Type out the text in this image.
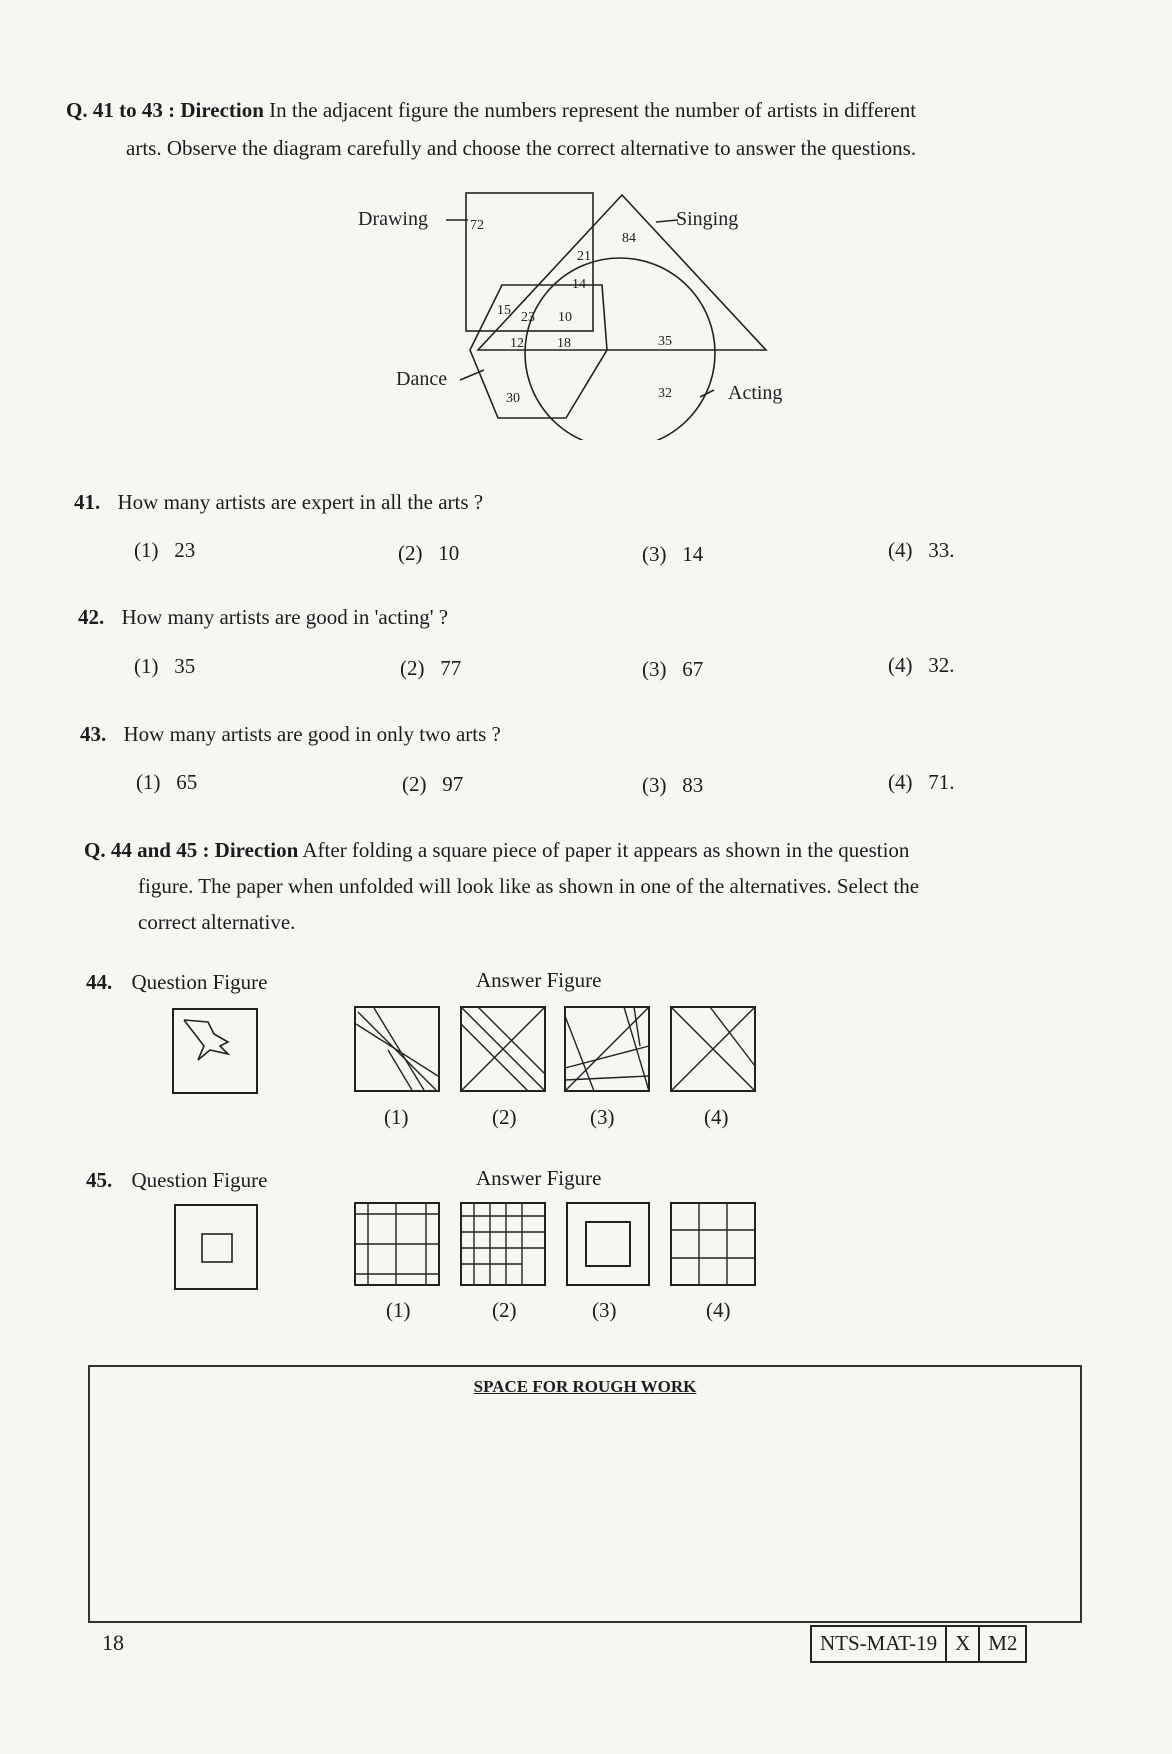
Q. 41 to 43 : Direction In the adjacent figure the numbers represent the number of artists in different
arts. Observe the diagram carefully and choose the correct alternative to answer the questions.
Drawing	Singing
Dance
Acting
72
84
21
14
15 23 10
12 18	35
30	32
41. How many artists are expert in all the arts ?
(1) 23	(2) 10	(3) 14	(4) 33.
42. How many artists are good in 'acting' ?
(1) 35	(2) 77	(3) 67	(4) 32.
43. How many artists are good in only two arts ?
(1) 65	(2) 97	(3) 83	(4) 71.
Q. 44 and 45 : Direction After folding a square piece of paper it appears as shown in the question
figure. The paper when unfolded will look like as shown in one of the alternatives. Select the
correct alternative.
44. Question Figure	Answer Figure
(1)	(2)	(3)	(4)
45. Question Figure	Answer Figure
(1)	(2)	(3)	(4)
SPACE FOR ROUGH WORK
18	NTS-MAT-19 X M2
